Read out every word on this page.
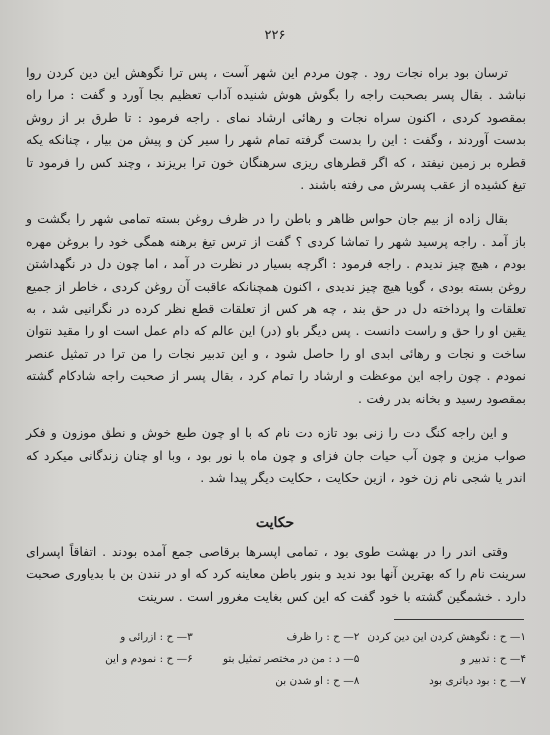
۲۲۶

ترسان بود براه نجات رود . چون مردم این شهر آست ، پس ترا نگوهش این دین کردن روا نباشد . بقال پسر بصحبت راجه را بگوش هوش شنیده آداب تعظیم بجا آورد و گفت : مرا راه بمقصود کردی ، اکنون سراه نجات و رهائی ارشاد نمای . راجه فرمود : تا طرق بر از روش بدست آوردند ، وگفت : این را بدست گرفته تمام شهر را سیر کن و پیش من بیار ، چنانکه یکه قطره بر زمین نیفتد ، که اگر قطرهای ریزی سرهنگان خون ترا بریزند ، وچند کس را فرمود تا تیغ کشیده از عقب پسرش می رفته باشند .

بقال زاده از بیم جان حواس ظاهر و باطن را در ظرف روغن بسته تمامی شهر را بگشت و باز آمد . راجه پرسید شهر را تماشا کردی ؟ گفت از ترس تیغ برهنه همگی خود را بروغن مهره بودم ، هیچ چیز ندیدم . راجه فرمود : اگرچه بسیار در نظرت در آمد ، اما چون دل در نگهداشتن روغن بسته بودی ، گویا هیچ چیز ندیدی ، اکنون همچنانکه عاقبت آن روغن کردی ، خاطر از جمیع تعلقات وا پرداخته دل در حق بند ، چه هر کس از تعلقات قطع نظر کرده در نگرانیی شد ، به یقین او را حق و راست دانست . پس دیگر باو (در) این عالم که دام عمل است او را مقید نتوان ساخت و نجات و رهائی ابدی او را حاصل شود ، و این تدبیر نجات را من ترا در تمثیل عنصر نمودم . چون راجه این موعظت و ارشاد را تمام کرد ، بقال پسر از صحبت راجه شادکام گشته بمقصود رسید و بخانه بدر رفت .

و این راجه کنگ دت را زنی بود تازه دت نام که با او چون طبع خوش و نطق موزون و فکر صواب مزین و چون آب حیات جان فزای و چون ماه با نور بود ، وبا او چنان زندگانی میکرد که اندر یا شجی نام زن خود ، ازین حکایت ، حکایت دیگر پیدا شد .

حکایت

وقتی اندر را در بهشت طوی بود ، تمامی اپسرها برقاصی جمع آمده بودند . اتفاقاً اپسرای سرینت نام را که بهترین آنها بود ندید و بنور باطن معاینه کرد که او در نندن بن با بدیاوری صحبت دارد . خشمگین گشته با خود گفت که این کس بغایت مغرور است . سرینت

۱— ح : نگوهش کردن این دین کردن
۲— ح : را ظرف
۳— ح : ازرائی و
۴— ح : تدبیر و
۵— د : من در مختصر تمثیل بتو
۶— ح : نمودم و این
۷— ح : بود دیاتری بود
۸— ح : او شدن بن
